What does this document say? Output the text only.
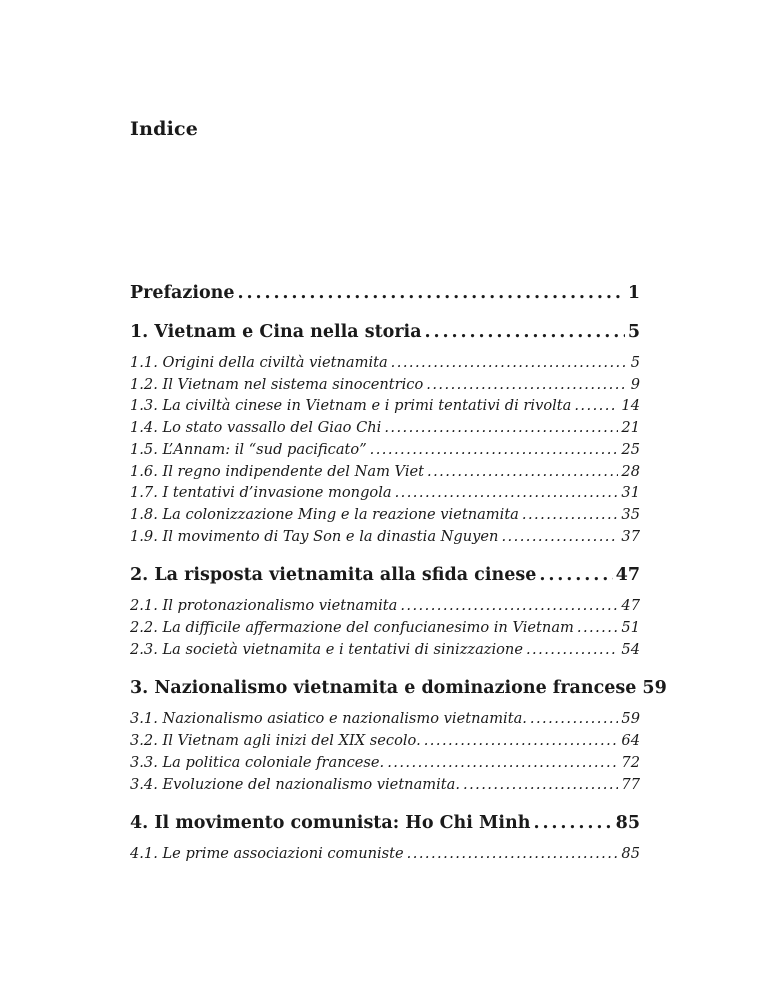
Indice
Prefazione . . .	1
1. Vietnam e Cina nella storia . . .	5
1.1. Origini della civiltà vietnamita . . .	5
1.2. Il Vietnam nel sistema sinocentrico . . .	9
1.3. La civiltà cinese in Vietnam e i primi tentativi di rivolta . . .	14
1.4. Lo stato vassallo del Giao Chi . . .	21
1.5. L’Annam: il “sud pacificato” . . .	25
1.6. Il regno indipendente del Nam Viet . . .	28
1.7. I tentativi d’invasione mongola . . .	31
1.8. La colonizzazione Ming e la reazione vietnamita . . .	35
1.9. Il movimento di Tay Son e la dinastia Nguyen . . .	37
2. La risposta vietnamita alla sfida cinese . . .	47
2.1. Il protonazionalismo vietnamita . . .	47
2.2. La difficile affermazione del confucianesimo in Vietnam . . .	51
2.3. La società vietnamita e i tentativi di sinizzazione . . .	54
3. Nazionalismo vietnamita e dominazione francese 59
3.1. Nazionalismo asiatico e nazionalismo vietnamita. . . .	59
3.2. Il Vietnam agli inizi del XIX secolo. . . .	64
3.3. La politica coloniale francese. . . .	72
3.4. Evoluzione del nazionalismo vietnamita. . . .	77
4. Il movimento comunista: Ho Chi Minh . . .	85
4.1. Le prime associazioni comuniste . . .	85
